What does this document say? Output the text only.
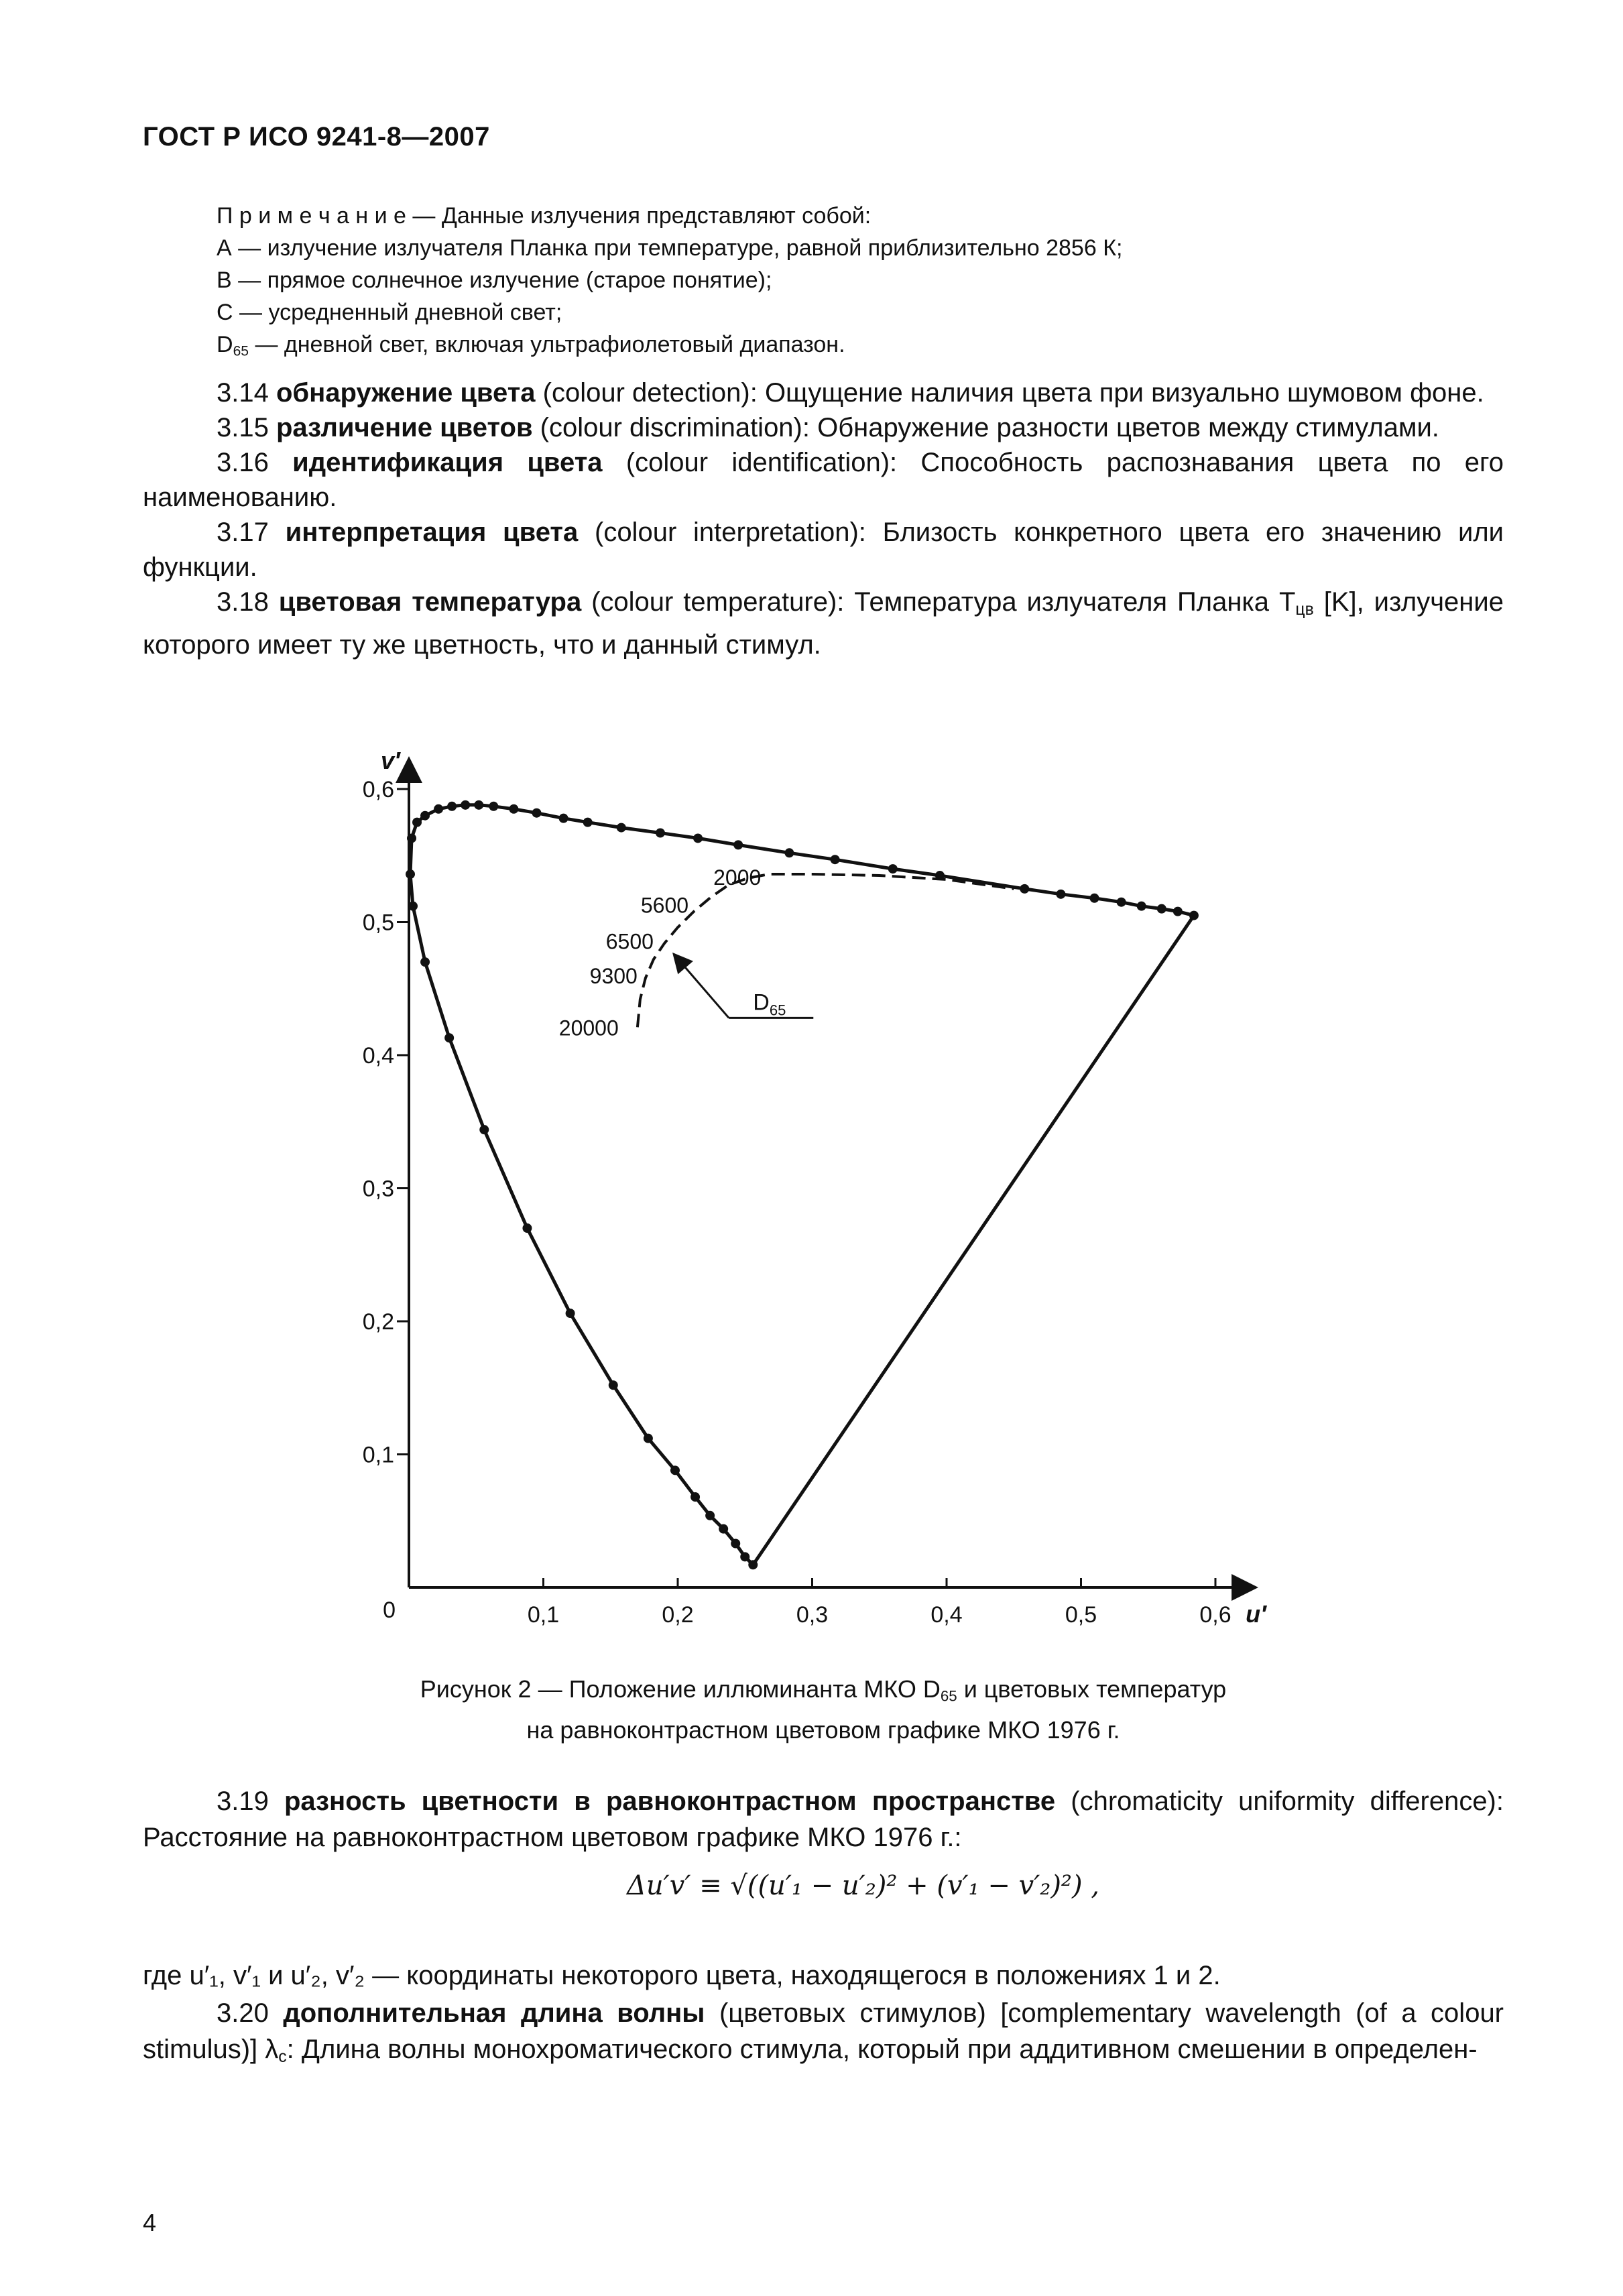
ГОСТ Р ИСО 9241-8—2007
П р и м е ч а н и е — Данные излучения представляют собой:
А — излучение излучателя Планка при температуре, равной приблизительно 2856 К;
В — прямое солнечное излучение (старое понятие);
С — усредненный дневной свет;
$D_{65}$ — дневной свет, включая ультрафиолетовый диапазон.

3.14 обнаружение цвета (colour detection): Ощущение наличия цвета при визуально шумовом фоне.

3.15 различение цветов (colour discrimination): Обнаружение разности цветов между стимулами.

3.16 идентификация цвета (colour identification): Способность распознавания цвета по его наименованию.

3.17 интерпретация цвета (colour interpretation): Близость конкретного цвета его значению или функции.

3.18 цветовая температура (colour temperature): Температура излучателя Планка $T_{цв}$ [K], излучение которого имеет ту же цветность, что и данный стимул.

0,1	0,2	0,3	0,4	0,5	0,6
0,1
0,2
0,3
0,4
0,5
0,6
0	u′
v′
2000
5600
6500
9300
20000
$D_{65}$
Рисунок 2 — Положение иллюминанта МКО $D_{65}$ и цветовых температур
на равноконтрастном цветовом графике МКО 1976 г.

3.19 разность цветности в равноконтрастном пространстве (chromaticity uniformity difference): Расстояние на равноконтрастном цветовом графике МКО 1976 г.:

Δu′v′ ≡ √((u′₁ − u′₂)² + (v′₁ − v′₂)²) ,
где u′₁, v′₁ и u′₂, v′₂ — координаты некоторого цвета, находящегося в положениях 1 и 2.

3.20 дополнительная длина волны (цветовых стимулов) [complementary wavelength (of a colour stimulus)] $\lambda_c$: Длина волны монохроматического стимула, который при аддитивном смешении в определен-

4
